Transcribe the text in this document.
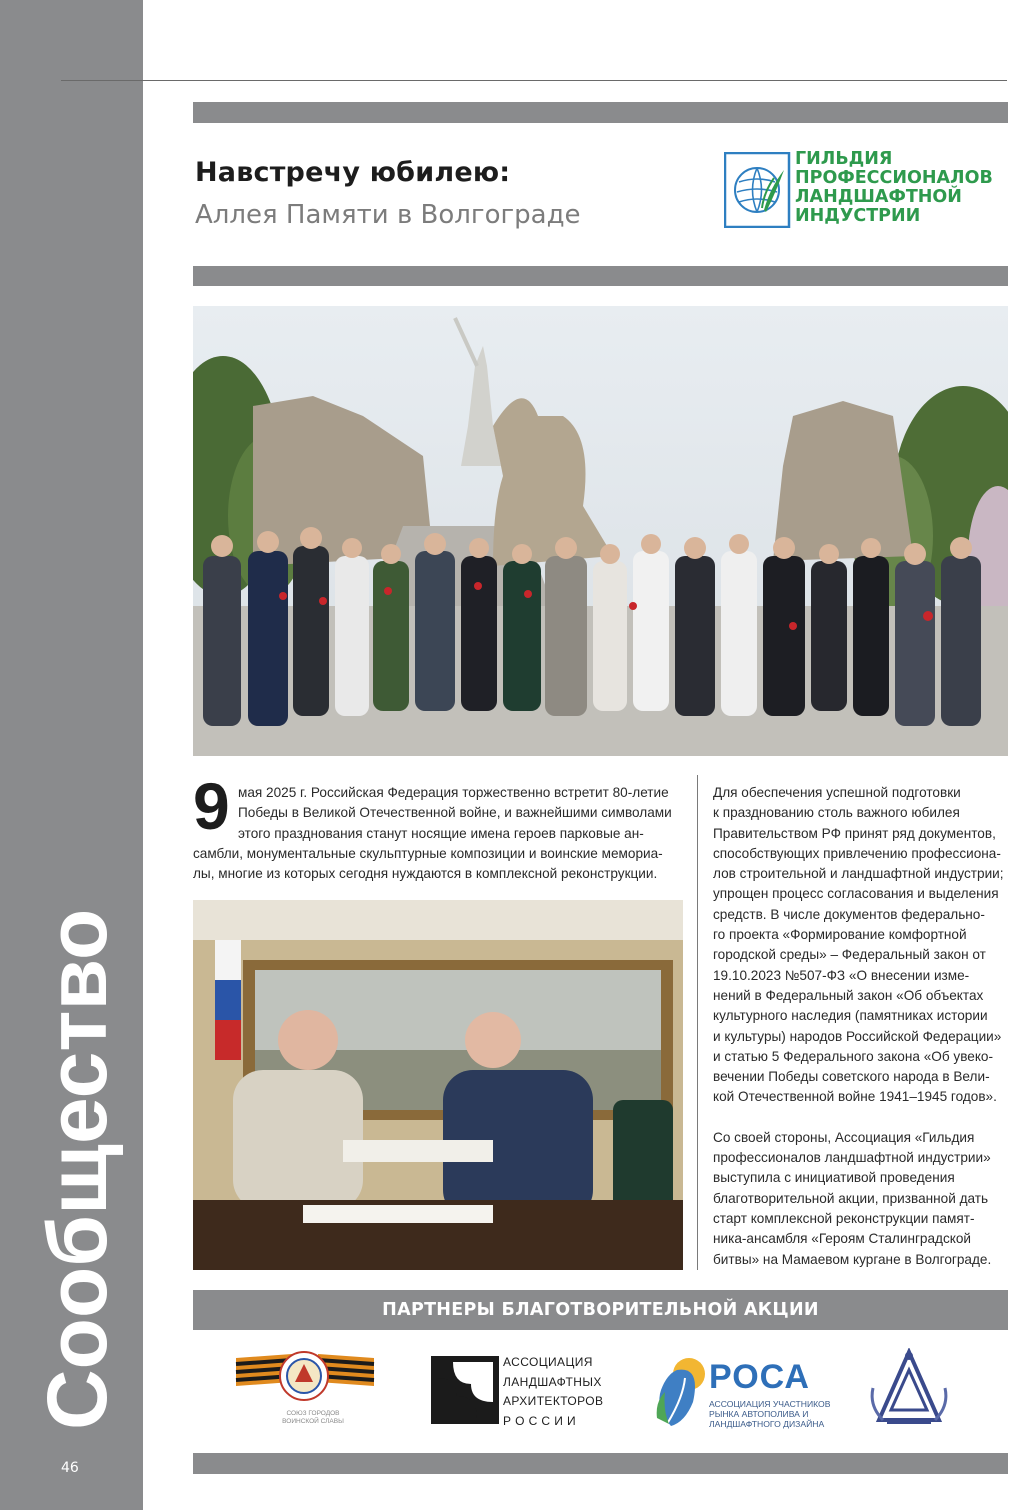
Сообщество
46
Навстречу юбилею:
Аллея Памяти в Волгограде
ГИЛЬДИЯ
ПРОФЕССИОНАЛОВ
ЛАНДШАФТНОЙ
ИНДУСТРИИ
9 мая 2025 г. Российская Федерация торжественно встретит 80-летие
Победы в Великой Отечественной войне, и важнейшими символами
этого празднования станут носящие имена героев парковые ан-
самбли, монументальные скульптурные композиции и воинские мемориа-
лы, многие из которых сегодня нуждаются в комплексной реконструкции.
Для обеспечения успешной подготовки
к празднованию столь важного юбилея
Правительством РФ принят ряд документов,
способствующих привлечению профессиона-
лов строительной и ландшафтной индустрии;
упрощен процесс согласования и выделения
средств. В числе документов федерально-
го проекта «Формирование комфортной
городской среды» – Федеральный закон от
19.10.2023 №507-ФЗ «О внесении изме-
нений в Федеральный закон «Об объектах
культурного наследия (памятниках истории
и культуры) народов Российской Федерации»
и статью 5 Федерального закона «Об увеко-
вечении Победы советского народа в Вели-
кой Отечественной войне 1941–1945 годов».
Со своей стороны, Ассоциация «Гильдия
профессионалов ландшафтной индустрии»
выступила с инициативой проведения
благотворительной акции, призванной дать
старт комплексной реконструкции памят-
ника-ансамбля «Героям Сталинградской
битвы» на Мамаевом кургане в Волгограде.
ПАРТНЕРЫ БЛАГОТВОРИТЕЛЬНОЙ АКЦИИ
СОЮЗ ГОРОДОВ ВОИНСКОЙ СЛАВЫ
АССОЦИАЦИЯ
ЛАНДШАФТНЫХ
АРХИТЕКТОРОВ
Р О С С И И
РОСА
АССОЦИАЦИЯ УЧАСТНИКОВ
РЫНКА АВТОПОЛИВА И
ЛАНДШАФТНОГО ДИЗАЙНА
